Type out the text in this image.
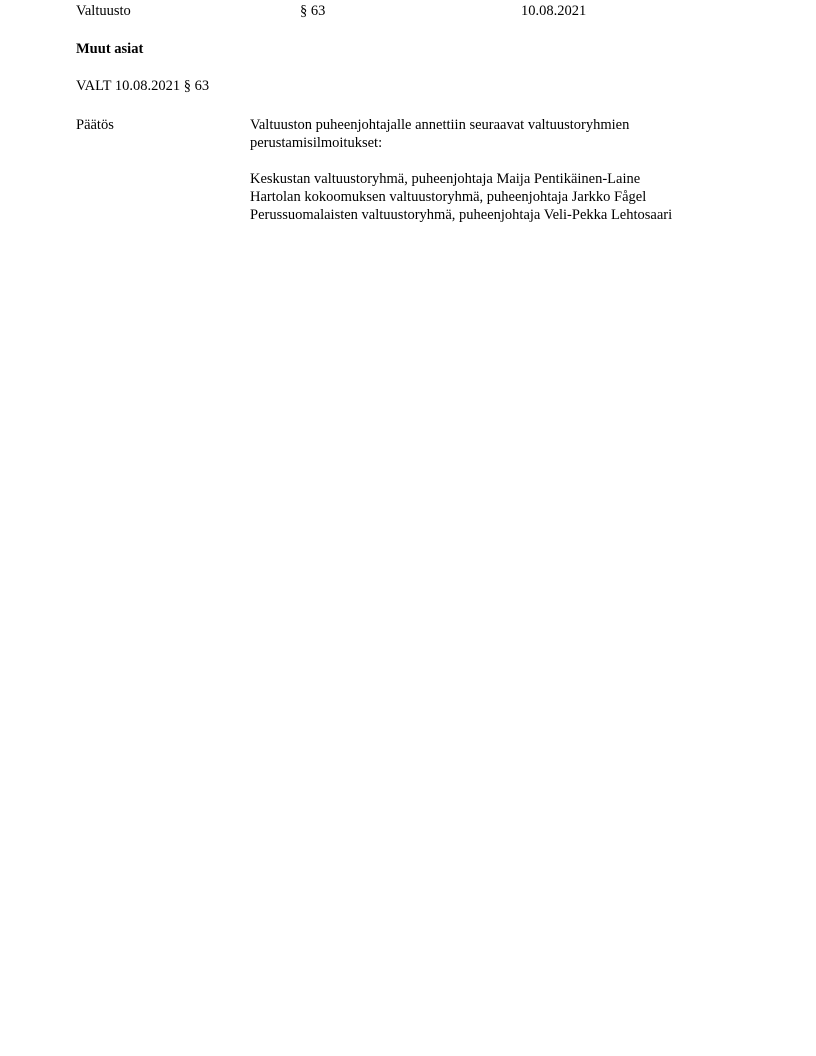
Valtuusto	§ 63	10.08.2021
Muut asiat
VALT 10.08.2021 § 63
Päätös	Valtuuston puheenjohtajalle annettiin seuraavat valtuustoryhmien perustamisilmoitukset:

Keskustan valtuustoryhmä, puheenjohtaja Maija Pentikäinen-Laine
Hartolan kokoomuksen valtuustoryhmä, puheenjohtaja Jarkko Fågel
Perussuomalaisten valtuustoryhmä, puheenjohtaja Veli-Pekka Lehtosaari
